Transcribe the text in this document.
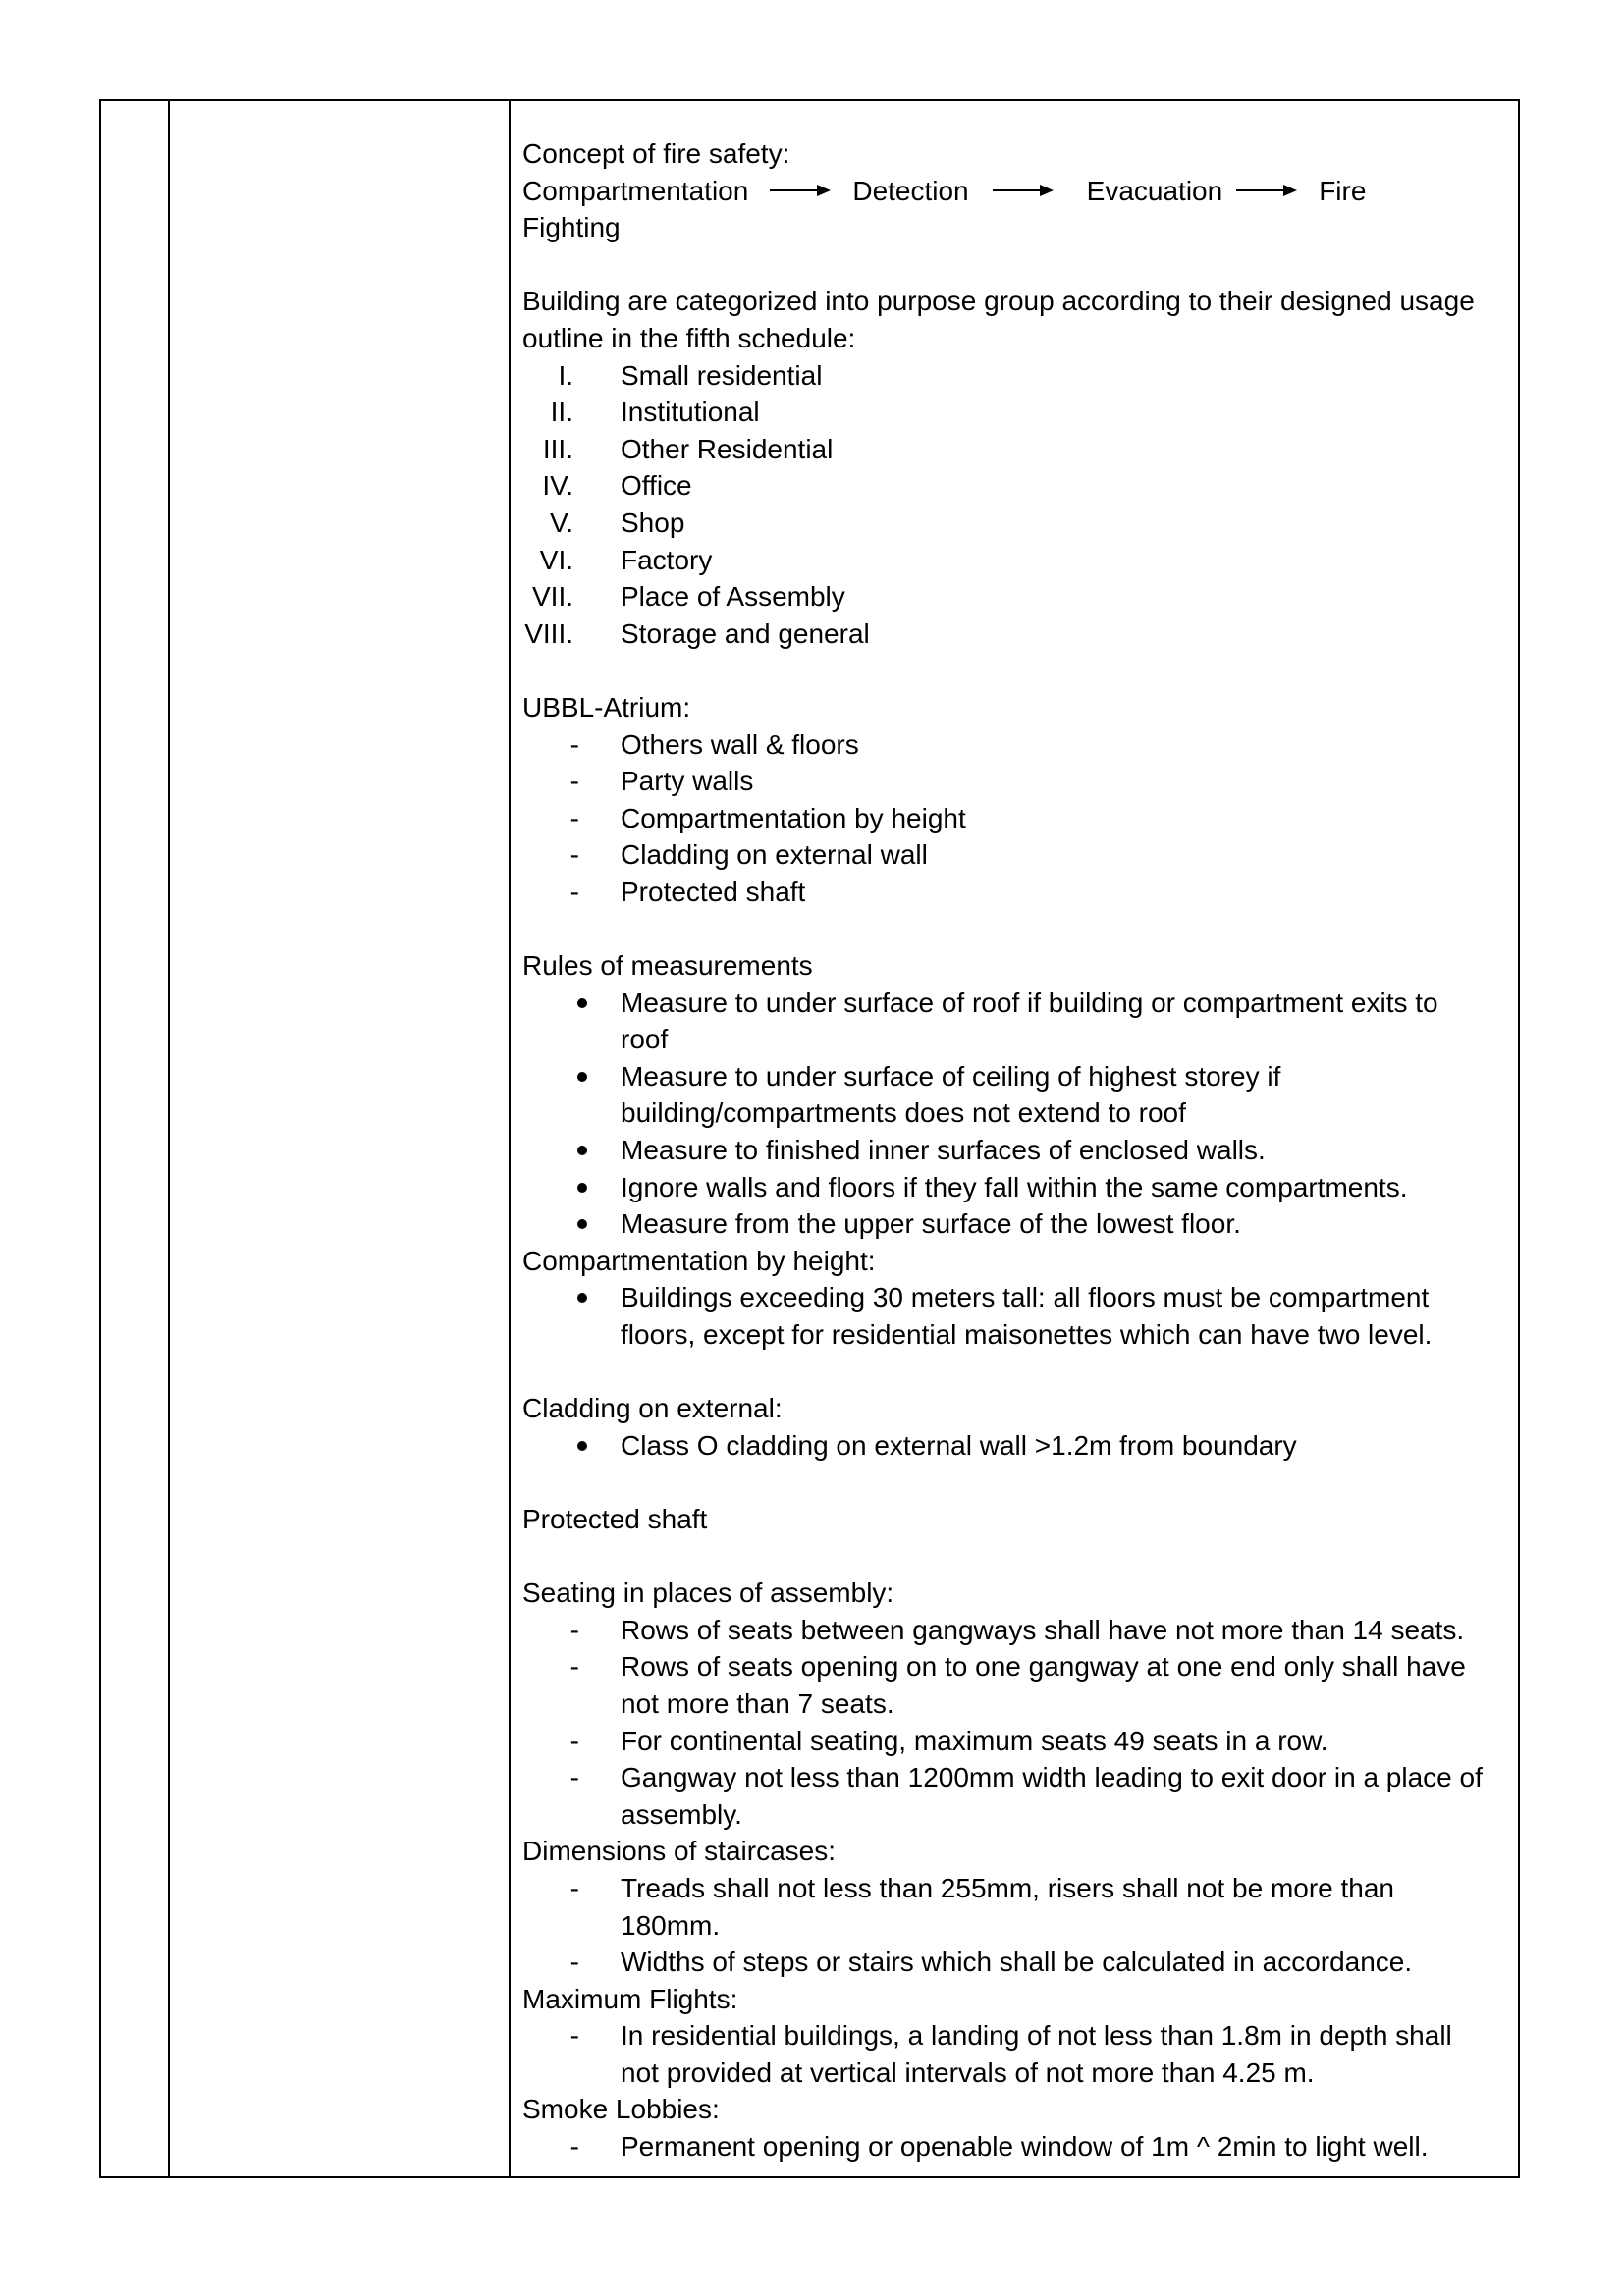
Concept of fire safety:
Compartmentation	Detection	Evacuation	Fire
Fighting
Building are categorized into purpose group according to their designed usage
outline in the fifth schedule:
I. Small residential
II. Institutional
III. Other Residential
IV. Office
V. Shop
VI. Factory
VII. Place of Assembly
VIII. Storage and general
UBBL-Atrium:
- Others wall & floors
- Party walls
- Compartmentation by height
- Cladding on external wall
- Protected shaft
Rules of measurements
Measure to under surface of roof if building or compartment exits to
roof
Measure to under surface of ceiling of highest storey if
building/compartments does not extend to roof
Measure to finished inner surfaces of enclosed walls.
Ignore walls and floors if they fall within the same compartments.
Measure from the upper surface of the lowest floor.
Compartmentation by height:
Buildings exceeding 30 meters tall: all floors must be compartment
floors, except for residential maisonettes which can have two level.
Cladding on external:
Class O cladding on external wall >1.2m from boundary
Protected shaft
Seating in places of assembly:
- Rows of seats between gangways shall have not more than 14 seats.
- Rows of seats opening on to one gangway at one end only shall have
not more than 7 seats.
- For continental seating, maximum seats 49 seats in a row.
- Gangway not less than 1200mm width leading to exit door in a place of
assembly.
Dimensions of staircases:
- Treads shall not less than 255mm, risers shall not be more than
180mm.
- Widths of steps or stairs which shall be calculated in accordance.
Maximum Flights:
- In residential buildings, a landing of not less than 1.8m in depth shall
not provided at vertical intervals of not more than 4.25 m.
Smoke Lobbies:
- Permanent opening or openable window of 1m ^ 2min to light well.
